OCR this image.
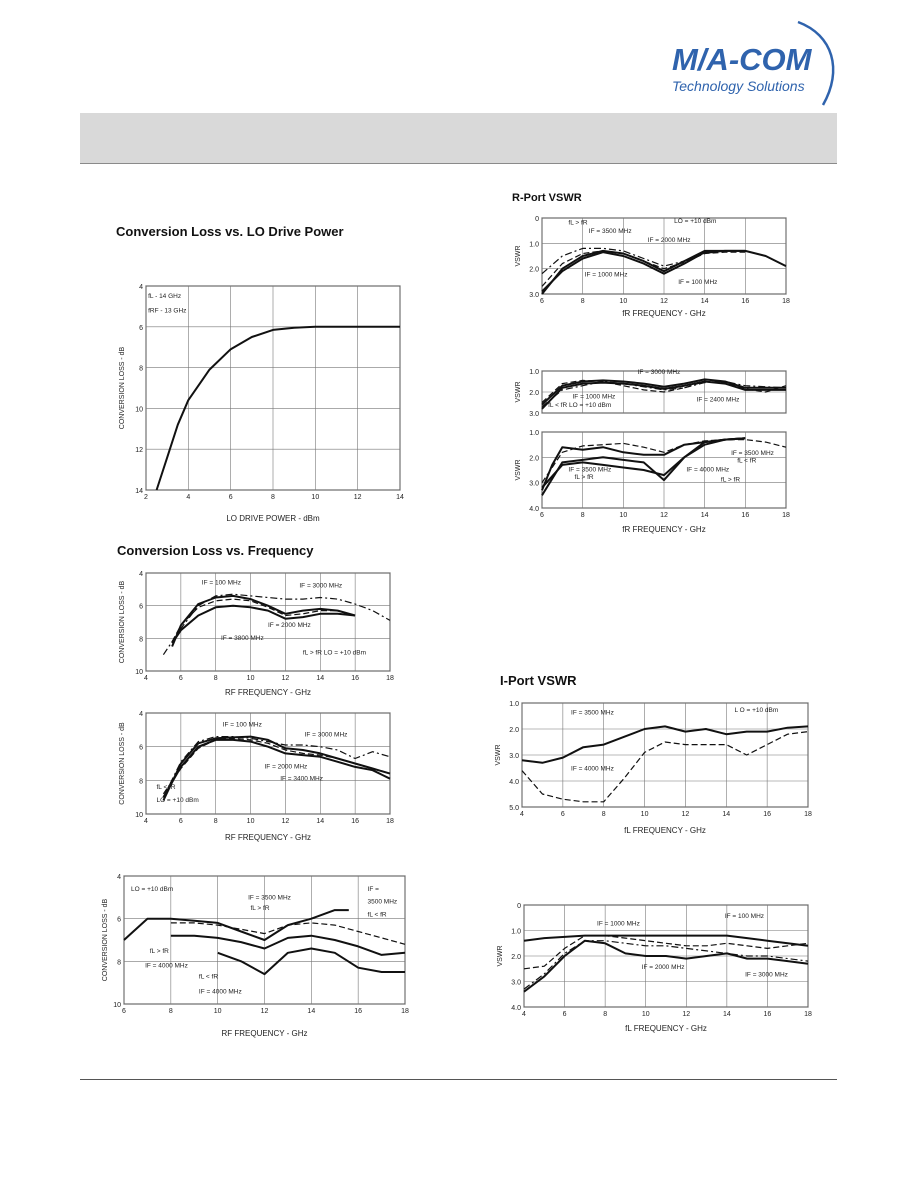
M/A-COM
Technology Solutions
Conversion Loss vs. LO Drive Power
Conversion Loss vs. Frequency
R-Port VSWR
I-Port VSWR
2	4	6	8	10	12	14
4
6
8
10
12
14
LO DRIVE POWER - dBm
CONVERSION LOSS - dB
fL - 14 GHz
fRF - 13 GHz
4	6	8	10	12	14	16	18
4
6
8
10
RF FREQUENCY - GHz
CONVERSION LOSS - dB	IF = 100 MHz	IF = 3000 MHz
IF = 2000 MHz
IF = 3800 MHz
fL > fR LO = +10 dBm
4	6	8	10	12	14	16	18
4
6
8
10
RF FREQUENCY - GHz
CONVERSION LOSS - dB	IF = 100 MHz
IF = 3000 MHz
IF = 2000 MHz
IF = 3400 MHz
fL < fR
LO = +10 dBm
6	8	10	12	14	16	18
4
6
8
10
RF FREQUENCY - GHz
CONVERSION LOSS - dB
LO = +10 dBm
IF = 3500 MHz
fL > fR
IF =
3500 MHz
fL < fR
fL > fR
IF = 4000 MHz
fL < fR
IF = 4000 MHz
6	8	10	12	14	16	18
0
1.0
2.0
3.0
fR FREQUENCY - GHz
VSWR
fL > fR	LO = +10 dBm
IF = 3500 MHz
IF = 2000 MHz
IF = 1000 MHz
IF = 100 MHz
1.0
2.0
3.0
VSWR
IF = 3000 MHz
IF = 1000 MHz
fL < fR LO = +10 dBm
IF = 2400 MHz
6	8	10	12	14	16	18
1.0
2.0
3.0
4.0
fR FREQUENCY - GHz
VSWR
IF = 3500 MHz
fL < fR
IF = 3500 MHz
fL > fR
IF = 4000 MHz
fL > fR
4	6	8	10	12	14	16	18
1.0
2.0
3.0
4.0
5.0
fL FREQUENCY - GHz
VSWR
IF = 3500 MHz	L O = +10 dBm
IF = 4000 MHz
4	6	8	10	12	14	16	18
0
1.0
2.0
3.0
4.0
fL FREQUENCY - GHz
VSWR
IF = 1000 MHz
IF = 100 MHz
IF = 2000 MHz
IF = 3000 MHz
